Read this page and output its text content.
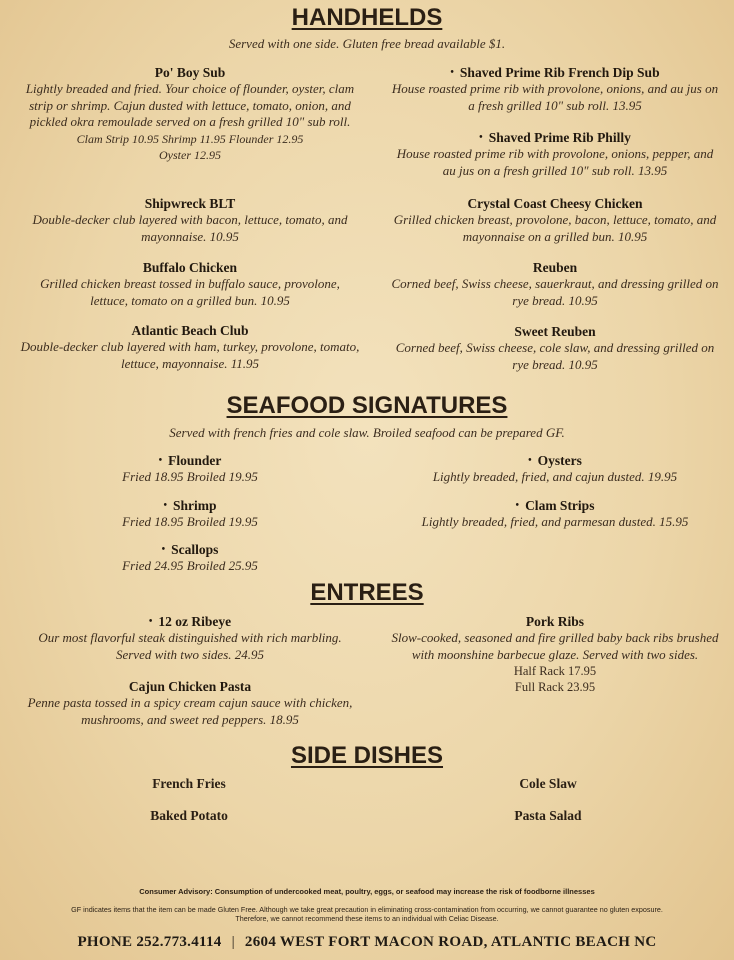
HANDHELDS
Served with one side. Gluten free bread available $1.
Po' Boy Sub
Lightly breaded and fried. Your choice of flounder, oyster, clam strip or shrimp. Cajun dusted with lettuce, tomato, onion, and pickled okra remoulade served on a fresh grilled 10" sub roll.
Clam Strip 10.95 Shrimp 11.95 Flounder 12.95
Oyster 12.95
Shipwreck BLT
Double-decker club layered with bacon, lettuce, tomato, and mayonnaise. 10.95
Buffalo Chicken
Grilled chicken breast tossed in buffalo sauce, provolone, lettuce, tomato on a grilled bun. 10.95
Atlantic Beach Club
Double-decker club layered with ham, turkey, provolone, tomato, lettuce, mayonnaise. 11.95
• Shaved Prime Rib French Dip Sub
House roasted prime rib with provolone, onions, and au jus on a fresh grilled 10" sub roll. 13.95
• Shaved Prime Rib Philly
House roasted prime rib with provolone, onions, pepper, and au jus on a fresh grilled 10" sub roll. 13.95
Crystal Coast Cheesy Chicken
Grilled chicken breast, provolone, bacon, lettuce, tomato, and mayonnaise on a grilled bun. 10.95
Reuben
Corned beef, Swiss cheese, sauerkraut, and dressing grilled on rye bread. 10.95
Sweet Reuben
Corned beef, Swiss cheese, cole slaw, and dressing grilled on rye bread. 10.95
SEAFOOD SIGNATURES
Served with french fries and cole slaw. Broiled seafood can be prepared GF.
• Flounder
Fried 18.95 Broiled 19.95
• Shrimp
Fried 18.95 Broiled 19.95
• Scallops
Fried 24.95 Broiled 25.95
• Oysters
Lightly breaded, fried, and cajun dusted. 19.95
• Clam Strips
Lightly breaded, fried, and parmesan dusted. 15.95
ENTREES
• 12 oz Ribeye
Our most flavorful steak distinguished with rich marbling. Served with two sides. 24.95
Cajun Chicken Pasta
Penne pasta tossed in a spicy cream cajun sauce with chicken, mushrooms, and sweet red peppers. 18.95
Pork Ribs
Slow-cooked, seasoned and fire grilled baby back ribs brushed with moonshine barbecue glaze. Served with two sides.
Half Rack 17.95
Full Rack 23.95
SIDE DISHES
French Fries	Cole Slaw
Baked Potato	Pasta Salad
Consumer Advisory: Consumption of undercooked meat, poultry, eggs, or seafood may increase the risk of foodborne illnesses
GF indicates items that the item can be made Gluten Free. Although we take great precaution in eliminating cross-contamination from occurring, we cannot guarantee no gluten exposure.
Therefore, we cannot recommend these items to an individual with Celiac Disease.
PHONE 252.773.4114 | 2604 WEST FORT MACON ROAD, ATLANTIC BEACH NC
